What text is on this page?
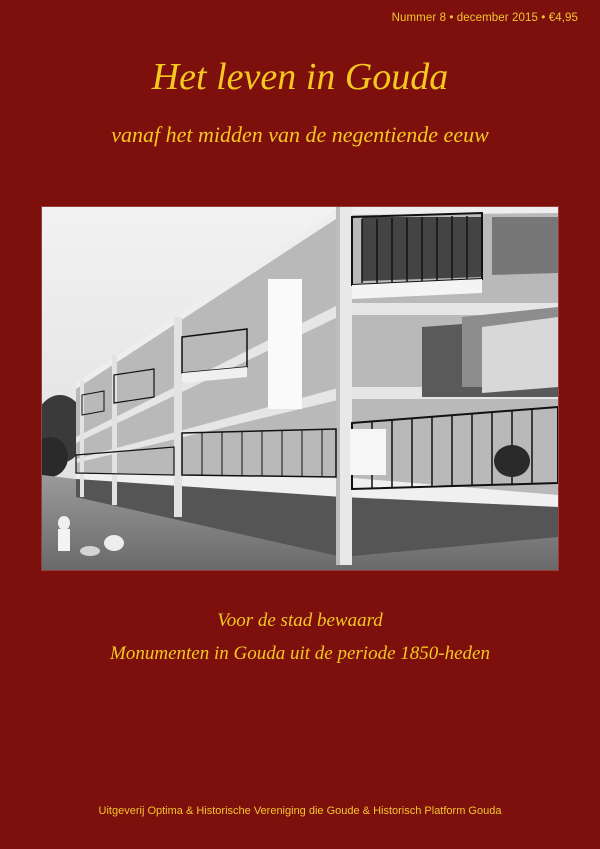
Nummer 8 • december 2015 • €4,95
Het leven in Gouda
vanaf het midden van de negentiende eeuw
Voor de stad bewaard
Monumenten in Gouda uit de periode 1850-heden
Uitgeverij Optima & Historische Vereniging die Goude & Historisch Platform Gouda
